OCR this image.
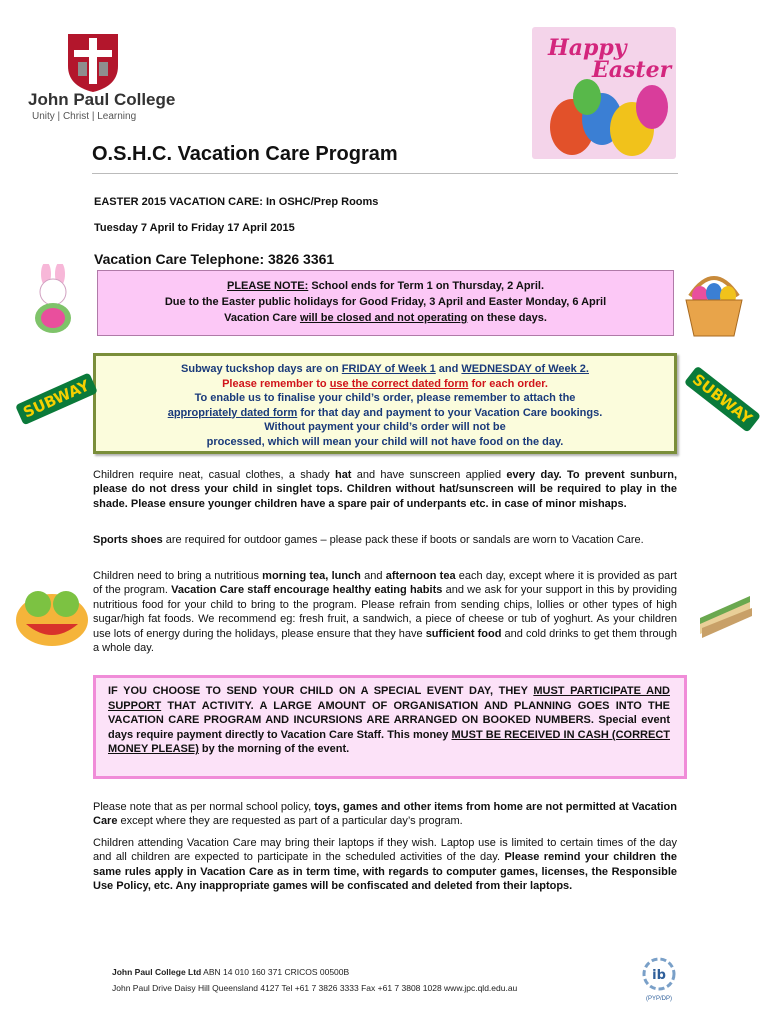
John Paul College
Unity | Christ | Learning
Happy
Easter
O.S.H.C. Vacation Care Program
EASTER 2015 VACATION CARE: In OSHC/Prep Rooms
Tuesday 7 April to Friday 17 April 2015
Vacation Care Telephone: 3826 3361

PLEASE NOTE: School ends for Term 1 on Thursday, 2 April.

Due to the Easter public holidays for Good Friday, 3 April and Easter Monday, 6 April

Vacation Care will be closed and not operating on these days.

Subway tuckshop days are on FRIDAY of Week 1 and WEDNESDAY of Week 2.

Please remember to use the correct dated form for each order.

To enable us to finalise your child’s order, please remember to attach the

appropriately dated form for that day and payment to your Vacation Care bookings.

Without payment your child’s order will not be

processed, which will mean your child will not have food on the day.

SUBWAY	SUBWAY

Children require neat, casual clothes, a shady hat and have sunscreen applied every day. To prevent sunburn, please do not dress your child in singlet tops. Children without hat/sunscreen will be required to play in the shade. Please ensure younger children have a spare pair of underpants etc. in case of minor mishaps.

Sports shoes are required for outdoor games – please pack these if boots or sandals are worn to Vacation Care.

Children need to bring a nutritious morning tea, lunch and afternoon tea each day, except where it is provided as part of the program. Vacation Care staff encourage healthy eating habits and we ask for your support in this by providing nutritious food for your child to bring to the program. Please refrain from sending chips, lollies or other types of high sugar/high fat foods. We recommend eg: fresh fruit, a sandwich, a piece of cheese or tub of yoghurt. As your children use lots of energy during the holidays, please ensure that they have sufficient food and cold drinks to get them through a whole day.

IF YOU CHOOSE TO SEND YOUR CHILD ON A SPECIAL EVENT DAY, THEY MUST PARTICIPATE AND SUPPORT THAT ACTIVITY. A LARGE AMOUNT OF ORGANISATION AND PLANNING GOES INTO THE VACATION CARE PROGRAM AND INCURSIONS ARE ARRANGED ON BOOKED NUMBERS. Special event days require payment directly to Vacation Care Staff. This money MUST BE RECEIVED IN CASH (CORRECT MONEY PLEASE) by the morning of the event.

Please note that as per normal school policy, toys, games and other items from home are not permitted at Vacation Care except where they are requested as part of a particular day’s program.

Children attending Vacation Care may bring their laptops if they wish. Laptop use is limited to certain times of the day and all children are expected to participate in the scheduled activities of the day. Please remind your children the same rules apply in Vacation Care as in term time, with regards to computer games, licenses, the Responsible Use Policy, etc. Any inappropriate games will be confiscated and deleted from their laptops.

John Paul College Ltd ABN 14 010 160 371 CRICOS 00500B
John Paul Drive Daisy Hill Queensland 4127 Tel +61 7 3826 3333 Fax +61 7 3808 1028 www.jpc.qld.edu.au
ib
(PYP/DP)
